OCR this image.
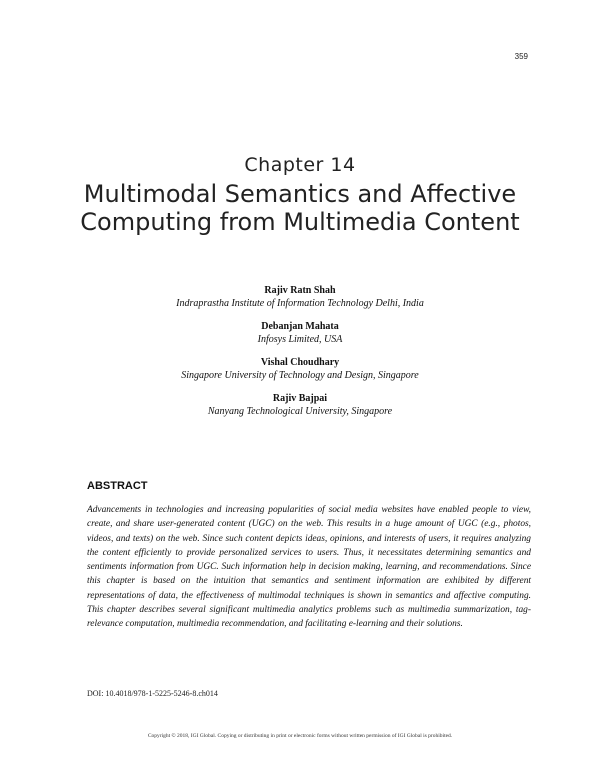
359
Chapter 14
Multimodal Semantics and Affective Computing from Multimedia Content
Rajiv Ratn Shah
Indraprastha Institute of Information Technology Delhi, India
Debanjan Mahata
Infosys Limited, USA
Vishal Choudhary
Singapore University of Technology and Design, Singapore
Rajiv Bajpai
Nanyang Technological University, Singapore
ABSTRACT

Advancements in technologies and increasing popularities of social media websites have enabled people to view, create, and share user-generated content (UGC) on the web. This results in a huge amount of UGC (e.g., photos, videos, and texts) on the web. Since such content depicts ideas, opinions, and interests of users, it requires analyzing the content efficiently to provide personalized services to users. Thus, it necessitates determining semantics and sentiments information from UGC. Such information help in decision making, learning, and recommendations. Since this chapter is based on the intuition that semantics and sentiment information are exhibited by different representations of data, the effectiveness of multimodal techniques is shown in semantics and affective computing. This chapter describes several significant multimedia analytics problems such as multimedia summarization, tag-relevance computation, multimedia recommendation, and facilitating e-learning and their solutions.

DOI: 10.4018/978-1-5225-5246-8.ch014
Copyright © 2018, IGI Global. Copying or distributing in print or electronic forms without written permission of IGI Global is prohibited.
